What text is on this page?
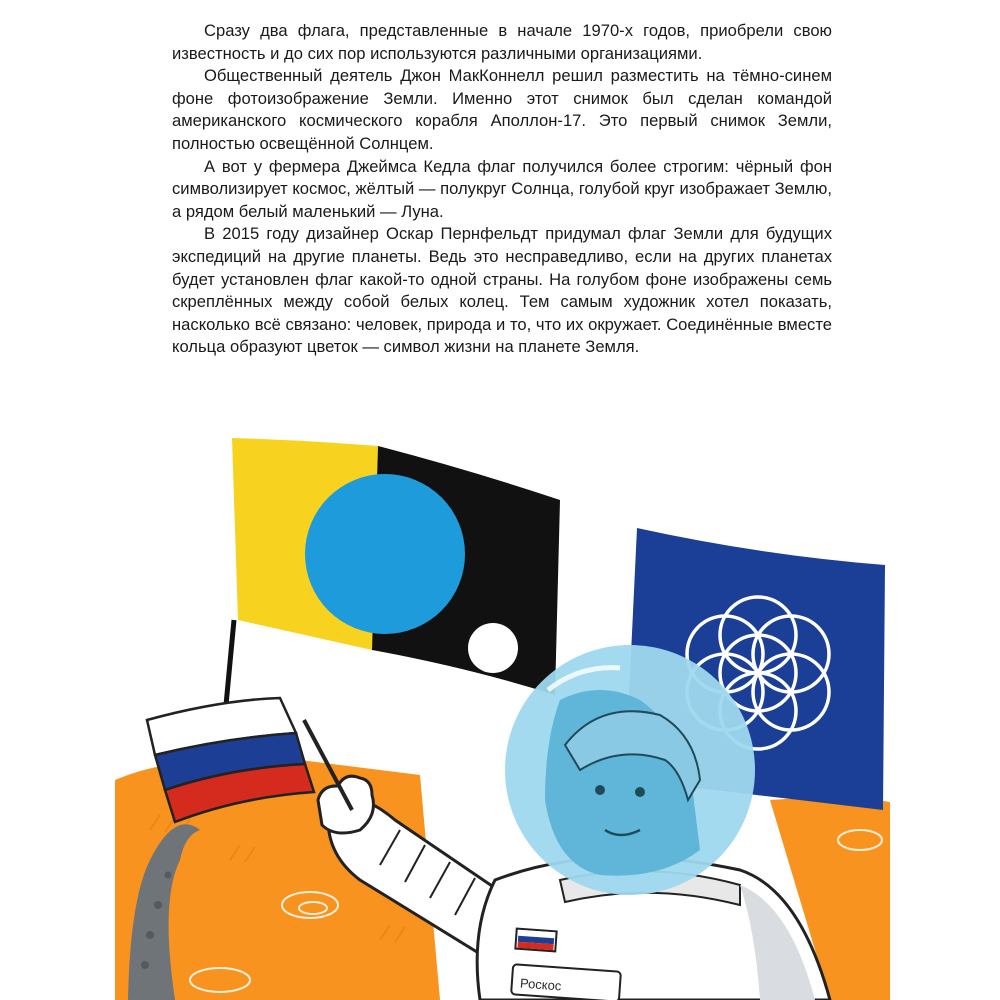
Сразу два флага, представленные в начале 1970-х годов, приобрели свою известность и до сих пор используются различными организациями.

Общественный деятель Джон МакКоннелл решил разместить на тёмно-синем фоне фотоизображение Земли. Именно этот снимок был сделан командой американского космического корабля Аполлон-17. Это первый снимок Земли, полностью освещённой Солнцем.

А вот у фермера Джеймса Кедла флаг получился более строгим: чёрный фон символизирует космос, жёлтый — полукруг Солнца, голубой круг изображает Землю, а рядом белый маленький — Луна.

В 2015 году дизайнер Оскар Пернфельдт придумал флаг Земли для будущих экспедиций на другие планеты. Ведь это несправедливо, если на других планетах будет установлен флаг какой-то одной страны. На голубом фоне изображены семь скреплённых между собой белых колец. Тем самым художник хотел показать, насколько всё связано: человек, природа и то, что их окружает. Соединённые вместе кольца образуют цветок — символ жизни на планете Земля.

Роскос
